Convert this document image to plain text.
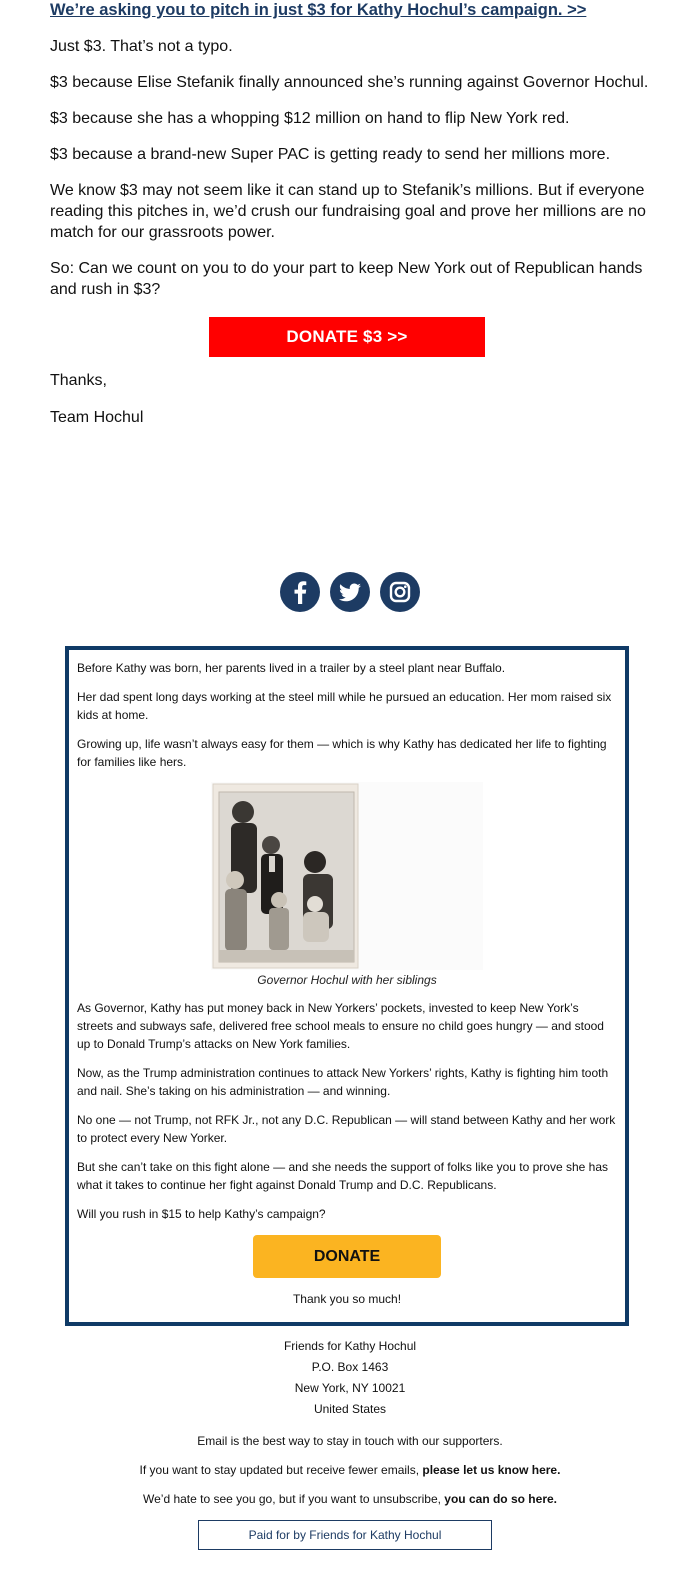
We’re asking you to pitch in just $3 for Kathy Hochul’s campaign. >>

Just $3. That’s not a typo.

$3 because Elise Stefanik finally announced she’s running against Governor Hochul.

$3 because she has a whopping $12 million on hand to flip New York red.

$3 because a brand-new Super PAC is getting ready to send her millions more.

We know $3 may not seem like it can stand up to Stefanik’s millions. But if everyone reading this pitches in, we’d crush our fundraising goal and prove her millions are no match for our grassroots power.

So: Can we count on you to do your part to keep New York out of Republican hands and rush in $3?

DONATE $3 >>
Thanks,
Team Hochul

Before Kathy was born, her parents lived in a trailer by a steel plant near Buffalo.

Her dad spent long days working at the steel mill while he pursued an education. Her mom raised six kids at home.

Growing up, life wasn’t always easy for them — which is why Kathy has dedicated her life to fighting for families like hers.

Governor Hochul with her siblings

As Governor, Kathy has put money back in New Yorkers’ pockets, invested to keep New York’s streets and subways safe, delivered free school meals to ensure no child goes hungry — and stood up to Donald Trump’s attacks on New York families.

Now, as the Trump administration continues to attack New Yorkers’ rights, Kathy is fighting him tooth and nail. She’s taking on his administration — and winning.

No one — not Trump, not RFK Jr., not any D.C. Republican — will stand between Kathy and her work to protect every New Yorker.

But she can’t take on this fight alone — and she needs the support of folks like you to prove she has what it takes to continue her fight against Donald Trump and D.C. Republicans.

Will you rush in $15 to help Kathy’s campaign?

DONATE
Thank you so much!
Friends for Kathy Hochul
P.O. Box 1463
New York, NY 10021
United States
Email is the best way to stay in touch with our supporters.
If you want to stay updated but receive fewer emails, please let us know here.
We’d hate to see you go, but if you want to unsubscribe, you can do so here.
Paid for by Friends for Kathy Hochul
